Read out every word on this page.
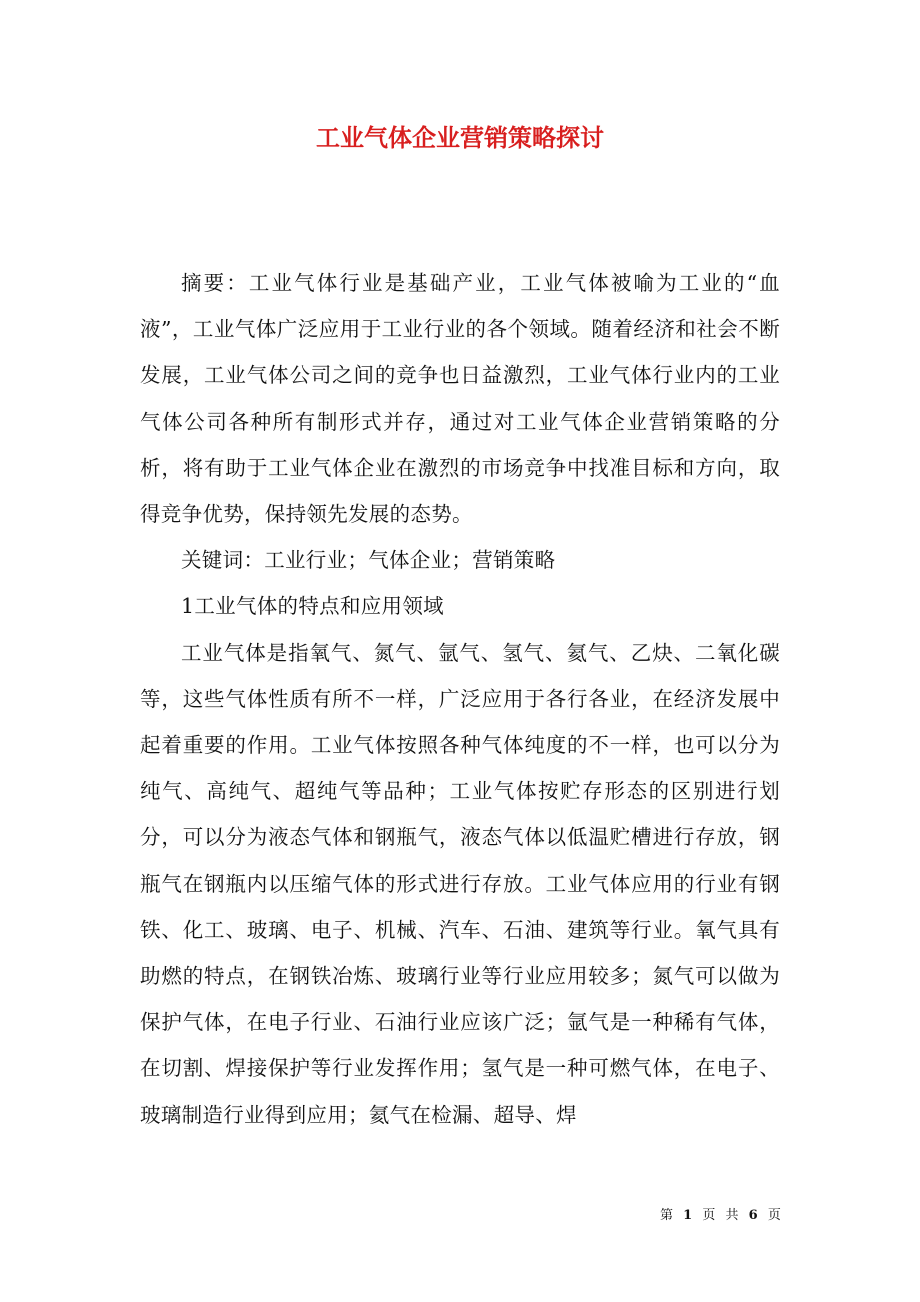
工业气体企业营销策略探讨

摘要：工业气体行业是基础产业，工业气体被喻为工业的“血液”，工业气体广泛应用于工业行业的各个领域。随着经济和社会不断发展，工业气体公司之间的竞争也日益激烈，工业气体行业内的工业气体公司各种所有制形式并存，通过对工业气体企业营销策略的分析，将有助于工业气体企业在激烈的市场竞争中找准目标和方向，取得竞争优势，保持领先发展的态势。

关键词：工业行业；气体企业；营销策略

1工业气体的特点和应用领域

工业气体是指氧气、氮气、氩气、氢气、氦气、乙炔、二氧化碳等，这些气体性质有所不一样，广泛应用于各行各业，在经济发展中起着重要的作用。工业气体按照各种气体纯度的不一样，也可以分为纯气、高纯气、超纯气等品种；工业气体按贮存形态的区别进行划分，可以分为液态气体和钢瓶气，液态气体以低温贮槽进行存放，钢瓶气在钢瓶内以压缩气体的形式进行存放。工业气体应用的行业有钢铁、化工、玻璃、电子、机械、汽车、石油、建筑等行业。氧气具有助燃的特点，在钢铁冶炼、玻璃行业等行业应用较多；氮气可以做为保护气体，在电子行业、石油行业应该广泛；氩气是一种稀有气体，在切割、焊接保护等行业发挥作用；氢气是一种可燃气体，在电子、玻璃制造行业得到应用；氦气在检漏、超导、焊

第 1 页 共 6 页
